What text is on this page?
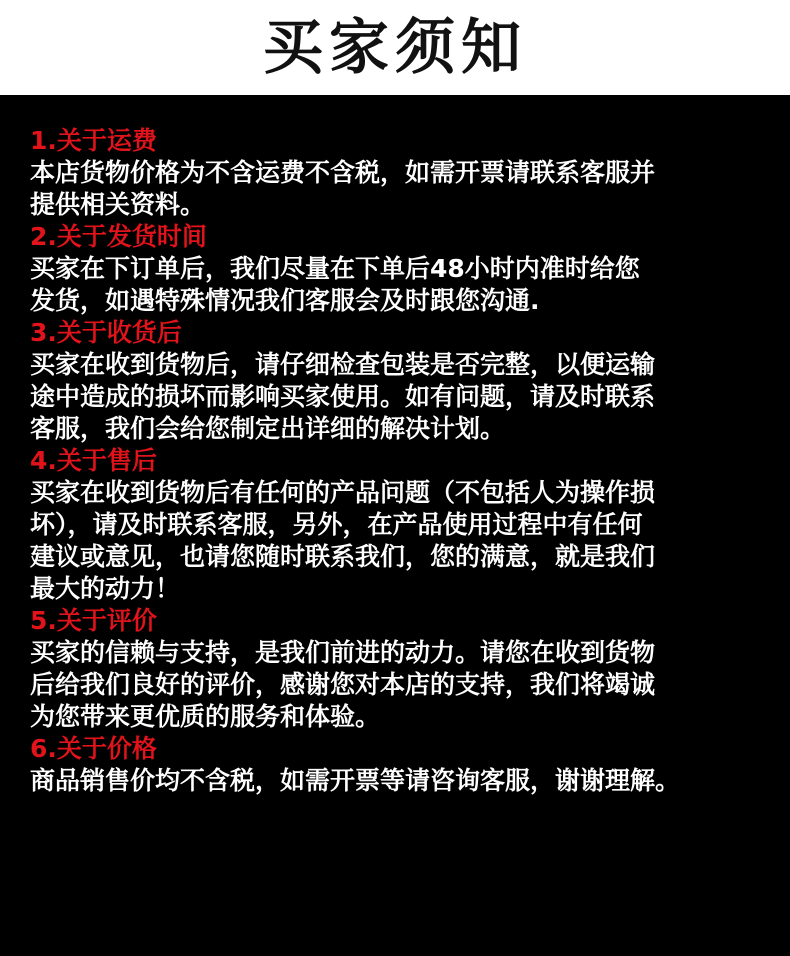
买家须知
1.关于运费
本店货物价格为不含运费不含税，如需开票请联系客服并
提供相关资料。
2.关于发货时间
买家在下订单后，我们尽量在下单后48小时内准时给您
发货，如遇特殊情况我们客服会及时跟您沟通.
3.关于收货后
买家在收到货物后，请仔细检查包装是否完整，以便运输
途中造成的损坏而影响买家使用。如有问题，请及时联系
客服，我们会给您制定出详细的解决计划。
4.关于售后
买家在收到货物后有任何的产品问题（不包括人为操作损
坏），请及时联系客服，另外，在产品使用过程中有任何
建议或意见，也请您随时联系我们，您的满意，就是我们
最大的动力！
5.关于评价
买家的信赖与支持，是我们前进的动力。请您在收到货物
后给我们良好的评价，感谢您对本店的支持，我们将竭诚
为您带来更优质的服务和体验。
6.关于价格
商品销售价均不含税，如需开票等请咨询客服，谢谢理解。
